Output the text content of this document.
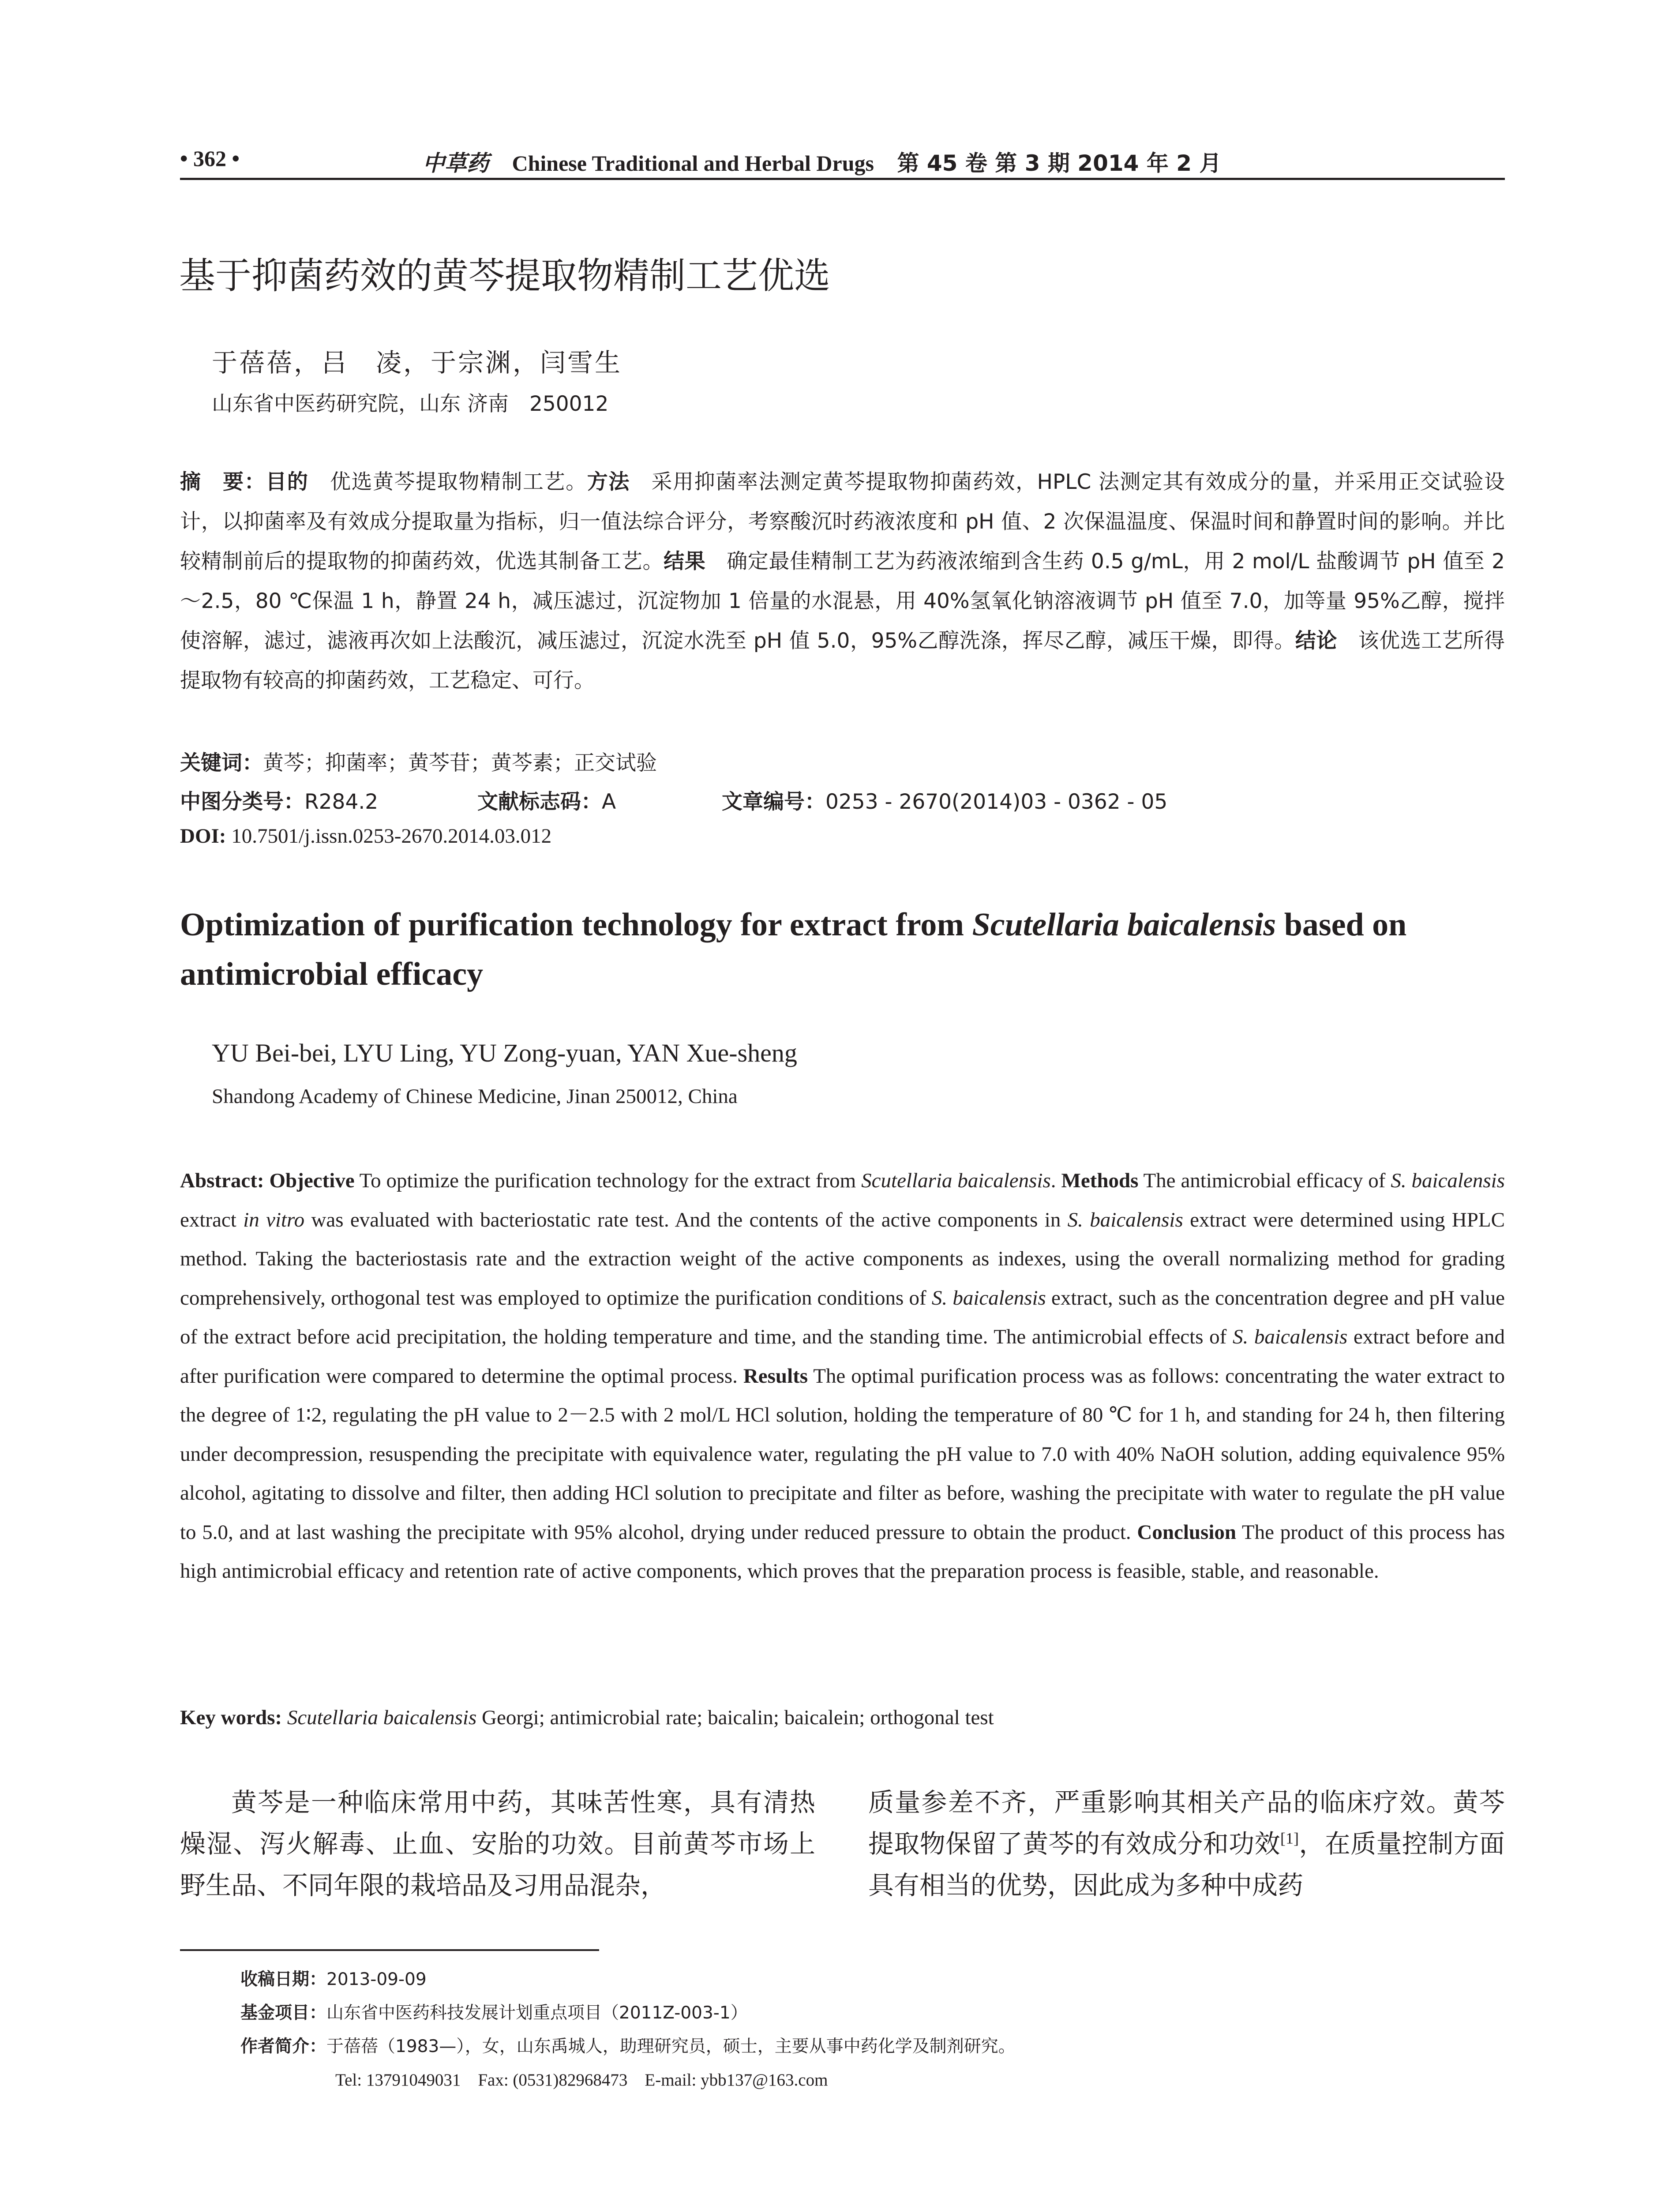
• 362 •	中草药 Chinese Traditional and Herbal Drugs 第 45 卷 第 3 期 2014 年 2 月
基于抑菌药效的黄芩提取物精制工艺优选
于蓓蓓，吕　凌，于宗渊，闫雪生
山东省中医药研究院，山东 济南　250012
摘　要：目的　优选黄芩提取物精制工艺。方法　采用抑菌率法测定黄芩提取物抑菌药效，HPLC 法测定其有效成分的量，并采用正交试验设计，以抑菌率及有效成分提取量为指标，归一值法综合评分，考察酸沉时药液浓度和 pH 值、2 次保温温度、保温时间和静置时间的影响。并比较精制前后的提取物的抑菌药效，优选其制备工艺。结果　确定最佳精制工艺为药液浓缩到含生药 0.5 g/mL，用 2 mol/L 盐酸调节 pH 值至 2～2.5，80 ℃保温 1 h，静置 24 h，减压滤过，沉淀物加 1 倍量的水混悬，用 40%氢氧化钠溶液调节 pH 值至 7.0，加等量 95%乙醇，搅拌使溶解，滤过，滤液再次如上法酸沉，减压滤过，沉淀水洗至 pH 值 5.0，95%乙醇洗涤，挥尽乙醇，减压干燥，即得。结论　该优选工艺所得提取物有较高的抑菌药效，工艺稳定、可行。
关键词：黄芩；抑菌率；黄芩苷；黄芩素；正交试验
中图分类号：R284.2	文献标志码：A	文章编号：0253 - 2670(2014)03 - 0362 - 05
DOI: 10.7501/j.issn.0253-2670.2014.03.012
Optimization of purification technology for extract from Scutellaria baicalensis based on antimicrobial efficacy
YU Bei-bei, LYU Ling, YU Zong-yuan, YAN Xue-sheng
Shandong Academy of Chinese Medicine, Jinan 250012, China
Abstract: Objective To optimize the purification technology for the extract from Scutellaria baicalensis. Methods The antimicrobial efficacy of S. baicalensis extract in vitro was evaluated with bacteriostatic rate test. And the contents of the active components in S. baicalensis extract were determined using HPLC method. Taking the bacteriostasis rate and the extraction weight of the active components as indexes, using the overall normalizing method for grading comprehensively, orthogonal test was employed to optimize the purification conditions of S. baicalensis extract, such as the concentration degree and pH value of the extract before acid precipitation, the holding temperature and time, and the standing time. The antimicrobial effects of S. baicalensis extract before and after purification were compared to determine the optimal process. Results The optimal purification process was as follows: concentrating the water extract to the degree of 1∶2, regulating the pH value to 2－2.5 with 2 mol/L HCl solution, holding the temperature of 80 ℃ for 1 h, and standing for 24 h, then filtering under decompression, resuspending the precipitate with equivalence water, regulating the pH value to 7.0 with 40% NaOH solution, adding equivalence 95% alcohol, agitating to dissolve and filter, then adding HCl solution to precipitate and filter as before, washing the precipitate with water to regulate the pH value to 5.0, and at last washing the precipitate with 95% alcohol, drying under reduced pressure to obtain the product. Conclusion The product of this process has high antimicrobial efficacy and retention rate of active components, which proves that the preparation process is feasible, stable, and reasonable.
Key words: Scutellaria baicalensis Georgi; antimicrobial rate; baicalin; baicalein; orthogonal test
黄芩是一种临床常用中药，其味苦性寒，具有清热燥湿、泻火解毒、止血、安胎的功效。目前黄芩市场上野生品、不同年限的栽培品及习用品混杂，
质量参差不齐，严重影响其相关产品的临床疗效。黄芩提取物保留了黄芩的有效成分和功效[1]，在质量控制方面具有相当的优势，因此成为多种中成药
收稿日期：2013-09-09
基金项目：山东省中医药科技发展计划重点项目（2011Z-003-1）
作者简介：于蓓蓓（1983—），女，山东禹城人，助理研究员，硕士，主要从事中药化学及制剂研究。
Tel: 13791049031　Fax: (0531)82968473　E-mail: ybb137@163.com
